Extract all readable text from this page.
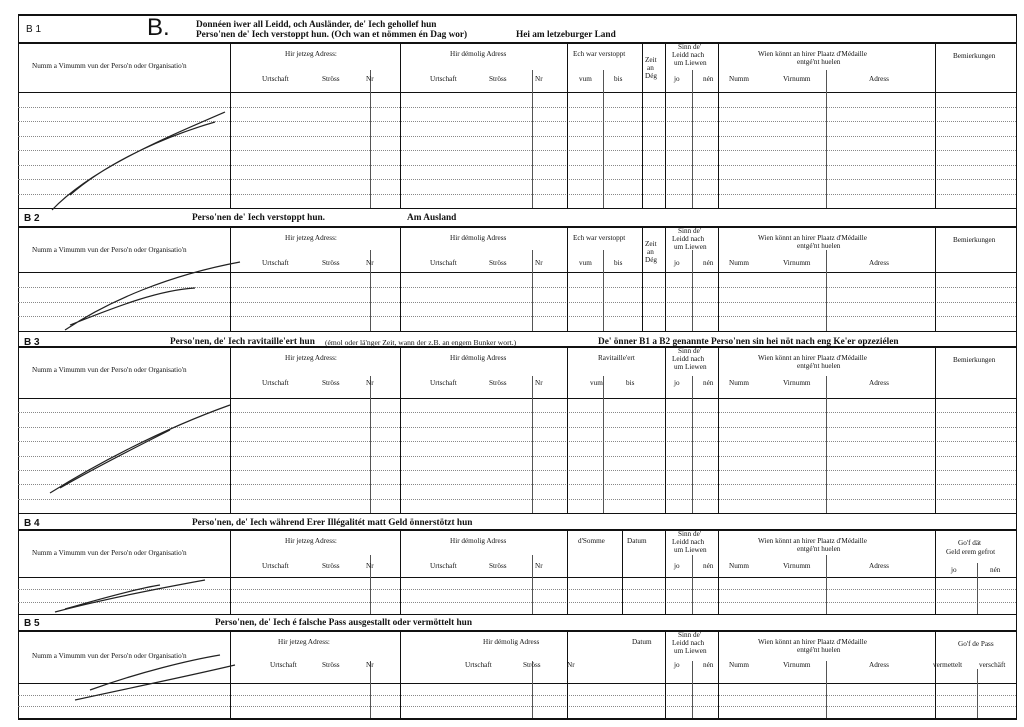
B 1	B.	Donnéen iwer all Leidd, och Ausländer, de' Iech gehollef hun
Perso'nen de' Iech verstoppt hun. (Och wan et nömmen én Dag wor)	Hei am letzeburger Land
B 2	Perso'nen de' Iech verstoppt hun.	Am Ausland
B 3	Perso'nen, de' Iech ravitaille'ert hun (émol oder lä'nger Zeit, wann der z.B. an engem Bunker wort.)	De' önner B1 a B2 genannte Perso'nen sin hei nöt nach eng Ke'er opzeziélen
B 4	Perso'nen, de' Iech während Erer Illégalitét matt Geld önnerstötzt hun
B 5	Perso'nen, de' Iech é falsche Pass ausgestallt oder vermöttelt hun
Numm a Vimumm vun der Perso'n oder Organisatio'n
Hir jetzeg Adress:	Hir démolig Adress
Urtschaft	Ströss	Nr	Urtschaft	Ströss	Nr
Ech war verstoppt
vum	bis
Zeit
an
Dég
Sinn de'
Leidd nach
um Liewen
jo	nén
Wien könnt an hirer Plaatz d'Médaille
entgé'nt huelen
Numm	Virnumm	Adress
Bemierkungen
Numm a Vimumm vun der Perso'n oder Organisatio'n
Hir jetzeg Adress:	Hir démolig Adress
Urtschaft	Ströss	Nr	Urtschaft	Ströss	Nr
Ech war verstoppt
vum	bis
Zeit
an
Dég
Sinn de'
Leidd nach
um Liewen
jo	nén
Wien könnt an hirer Plaatz d'Médaille
entgé'nt huelen
Numm	Virnumm	Adress
Bemierkungen
Numm a Vimumm vun der Perso'n oder Organisatio'n
Hir jetzeg Adress:	Hir démolig Adress
Urtschaft	Ströss	Nr	Urtschaft	Ströss	Nr
Ravitaille'ert
vum	bis
Sinn de'
Leidd nach
um Liewen
jo	nén
Wien könnt an hirer Plaatz d'Médaille
entgé'nt huelen
Numm	Virnumm	Adress
Bemierkungen
Numm a Vimumm vun der Perso'n oder Organisatio'n
Hir jetzeg Adress:	Hir démolig Adress
Urtschaft	Ströss	Nr	Urtschaft	Ströss	Nr
d'Somme	Datum
Sinn de'
Leidd nach
um Liewen
jo	nén
Wien könnt an hirer Plaatz d'Médaille
entgé'nt huelen
Numm	Virnumm	Adress
Go'f dät
Geld erem gefrot
jo	nén
Numm a Vimumm vun der Perso'n oder Organisatio'n
Hir jetzeg Adress:	Hir démolig Adress
Urtschaft	Ströss	Nr	Urtschaft	Ströss	Nr
Datum
Sinn de'
Leidd nach
um Liewen
jo	nén
Wien könnt an hirer Plaatz d'Médaille
entgé'nt huelen
Numm	Virnumm	Adress
Go'f de Pass
vermettelt verschäft
